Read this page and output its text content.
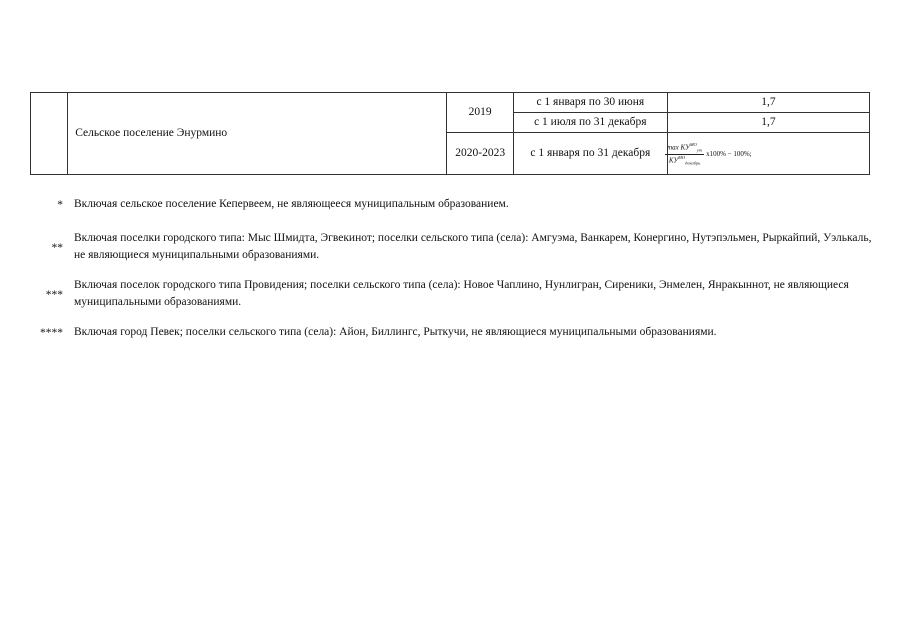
	Сельское поселение Энурмино	2019	с 1 января по 30 июня	1,7
			с 1 июля по 31 декабря	1,7
		2020-2023	с 1 января по 31 декабря	$\frac{\max КУ^{МО}_{ym}}{КУ^{МО}_{декабрь}} x100\% - 100\%$;
* Включая сельское поселение Кепервеем, не являющееся муниципальным образованием.
**
Включая поселки городского типа: Мыс Шмидта, Эгвекинот; поселки сельского типа (села): Амгуэма, Ванкарем, Конергино, Нутэпэльмен, Рыркайпий, Уэлькаль, не являющиеся муниципальными образованиями.
***
Включая поселок городского типа Провидения; поселки сельского типа (села): Новое Чаплино, Нунлигран, Сиреники, Энмелен, Янракыннот, не являющиеся муниципальными образованиями.
**** Включая город Певек; поселки сельского типа (села): Айон, Биллингс, Рыткучи, не являющиеся муниципальными образованиями.
